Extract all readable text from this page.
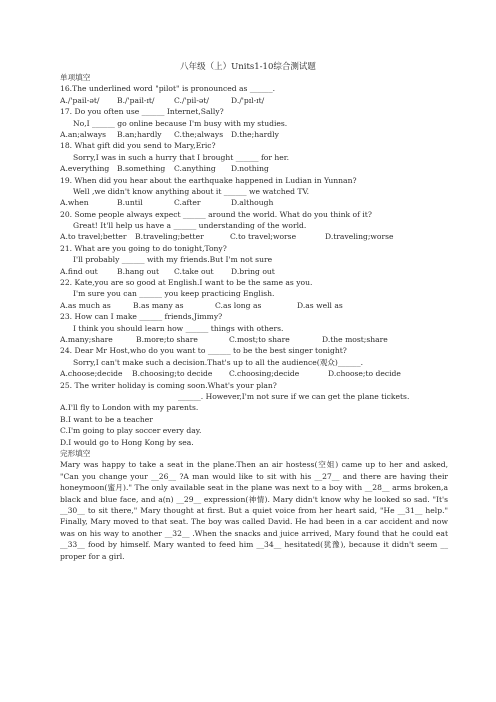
八年级（上）Units1-10综合测试题
单项填空
16.The underlined word "pilot" is pronounced as ______.
A./'pail-ət/	B./'pail-ɪt/	C./'pil-ət/	D./'pɪl-ɪt/
17. Do you often use ______ Internet,Sally?
No,I ______ go online because I'm busy with my studies.
A.an;always	B.an;hardly	C.the;always	D.the;hardly
18. What gift did you send to Mary,Eric?
Sorry,I was in such a hurry that I brought ______ for her.
A.everything	B.something	C.anything	D.nothing
19. When did you hear about the earthquake happened in Ludian in Yunnan?
Well ,we didn't know anything about it ______ we watched TV.
A.when	B.until	C.after	D.although
20. Some people always expect ______ around the world. What do you think of it?
Great! It'll help us have a ______ understanding of the world.
A.to travel;better	B.traveling;better	C.to travel;worse	D.traveling;worse
21. What are you going to do tonight,Tony?
I'll probably ______ with my friends.But I'm not sure
A.find out	B.hang out	C.take out	D.bring out
22. Kate,you are so good at English.I want to be the same as you.
I'm sure you can ______ you keep practicing English.
A.as much as	B.as many as	C.as long as	D.as well as
23. How can I make ______ friends,Jimmy?
I think you should learn how ______ things with others.
A.many;share	B.more;to share	C.most;to share	D.the most;share
24. Dear Mr Host,who do you want to ______ to be the best singer tonight?
Sorry,I can't make such a decision.That's up to all the audience(观众)______.
A.choose;decide	B.choosing;to decide	C.choosing;decide	D.choose;to decide
25. The writer holiday is coming soon.What's your plan?
______. However,I'm not sure if we can get the plane tickets.
A.I'll fly to London with my parents.
B.I want to be a teacher
C.I'm going to play soccer every day.
D.I would go to Hong Kong by sea.
完形填空
Mary was happy to take a seat in the plane.Then an air hostess(空姐) came up to her and asked, "Can you change your __26__ ?A man would like to sit with his __27__ and there are having their honeymoon(蜜月)." The only available seat in the plane was next to a boy with __28__ arms broken,a black and blue face, and a(n) __29__ expression(神情). Mary didn't know why he looked so sad. "It's __30__ to sit there," Mary thought at first. But a quiet voice from her heart said, "He __31__ help." Finally, Mary moved to that seat. The boy was called David. He had been in a car accident and now was on his way to another __32__ .When the snacks and juice arrived, Mary found that he could eat __33__ food by himself. Mary wanted to feed him __34__ hesitated(犹豫), because it didn't seem __ proper for a girl.
